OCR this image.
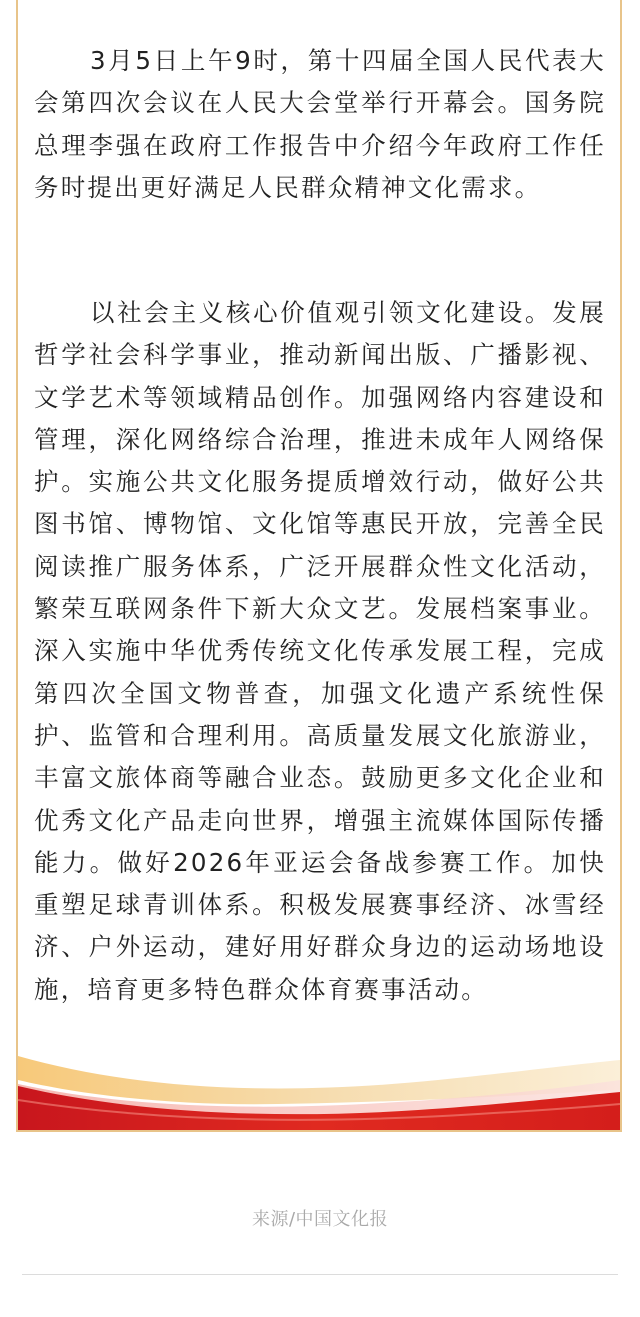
3月5日上午9时，第十四届全国人民代表大会第四次会议在人民大会堂举行开幕会。国务院总理李强在政府工作报告中介绍今年政府工作任务时提出更好满足人民群众精神文化需求。

以社会主义核心价值观引领文化建设。发展哲学社会科学事业，推动新闻出版、广播影视、文学艺术等领域精品创作。加强网络内容建设和管理，深化网络综合治理，推进未成年人网络保护。实施公共文化服务提质增效行动，做好公共图书馆、博物馆、文化馆等惠民开放，完善全民阅读推广服务体系，广泛开展群众性文化活动，繁荣互联网条件下新大众文艺。发展档案事业。深入实施中华优秀传统文化传承发展工程，完成第四次全国文物普查，加强文化遗产系统性保护、监管和合理利用。高质量发展文化旅游业，丰富文旅体商等融合业态。鼓励更多文化企业和优秀文化产品走向世界，增强主流媒体国际传播能力。做好2026年亚运会备战参赛工作。加快重塑足球青训体系。积极发展赛事经济、冰雪经济、户外运动，建好用好群众身边的运动场地设施，培育更多特色群众体育赛事活动。

来源/中国文化报
